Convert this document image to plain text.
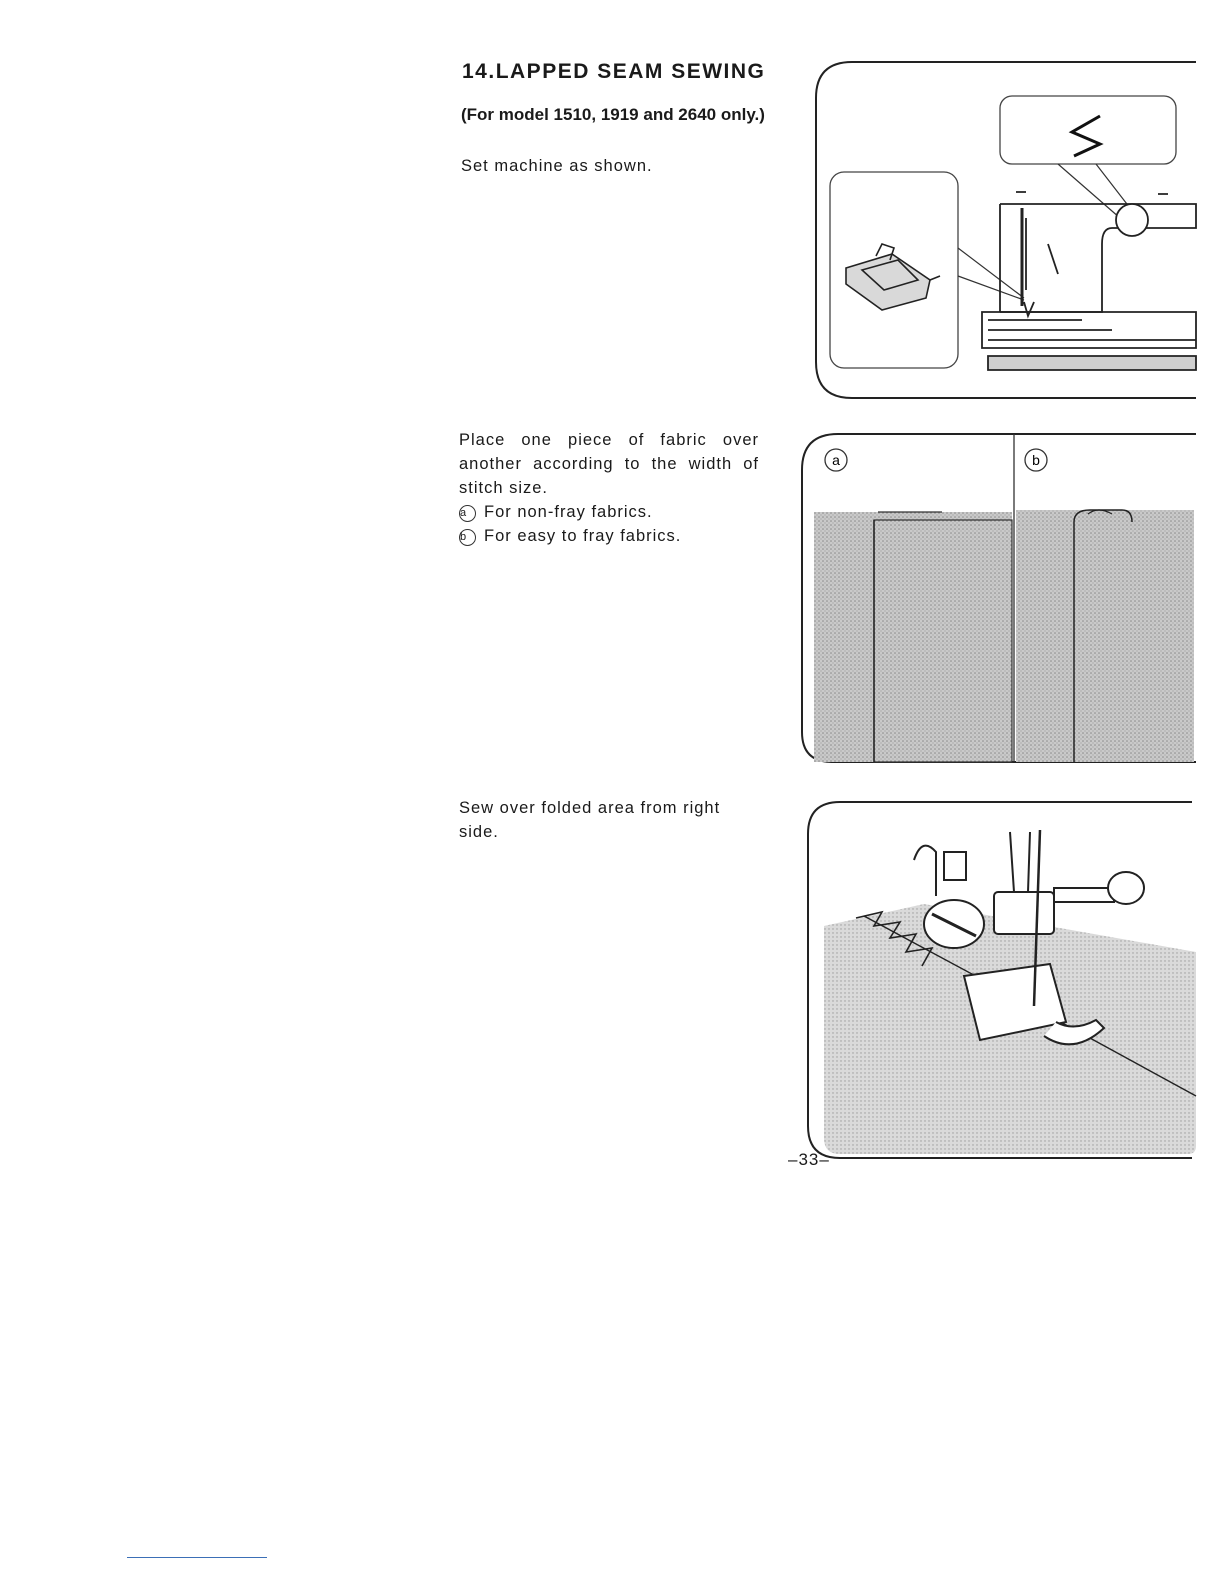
14.LAPPED SEAM SEWING
(For model 1510, 1919 and 2640 only.)
Set machine as shown.
Place one piece of fabric over another according to the width of stitch size.
a For non-fray fabrics.
b For easy to fray fabrics.
Sew over folded area from right side.
a	b
–33–
